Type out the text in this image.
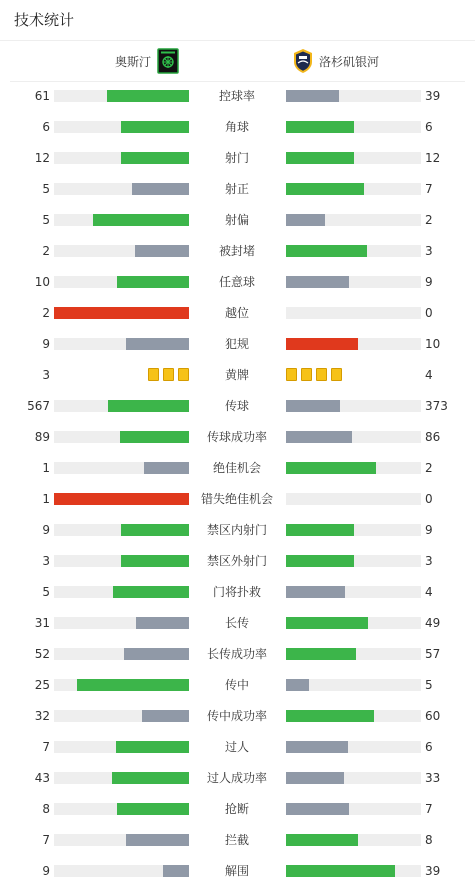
技术统计
奥斯汀	洛杉矶银河
61	控球率	39
6	角球	6
12	射门	12
5	射正	7
5	射偏	2
2	被封堵	3
10	任意球	9
2	越位	0
9	犯规	10
3	黄牌	4
567	传球	373
89	传球成功率	86
1	绝佳机会	2
1	错失绝佳机会	0
9	禁区内射门	9
3	禁区外射门	3
5	门将扑救	4
31	长传	49
52	长传成功率	57
25	传中	5
32	传中成功率	60
7	过人	6
43	过人成功率	33
8	抢断	7
7	拦截	8
9	解围	39
